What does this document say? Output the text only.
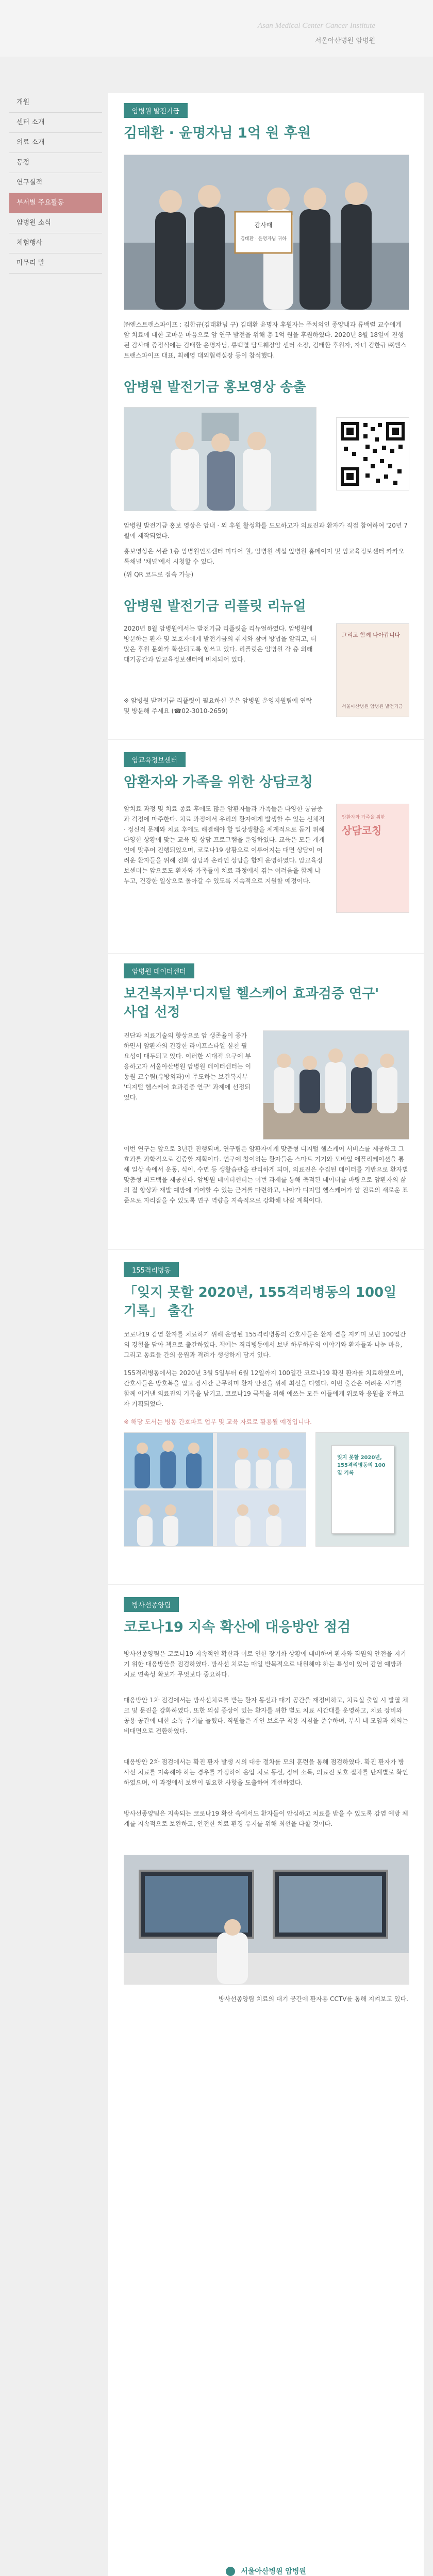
Asan Medical Center Cancer Institute
서울아산병원 암병원
개원
센터 소개
의료 소개
동정
연구실적
부서별 주요활동
암병원 소식
체험행사
마무리 말
암병원 발전기금
김태환 · 윤명자님 1억 원 후원
감사패
김태환 · 윤명자님 귀하

㈜엔스트랜스파이프 : 김한규(김태환님 구) 김태환 윤명자 후원자는 주치의인 종양내과 류백렬 교수에게 암 치료에 대한 고마운 마음으로 암 연구 발전을 위해 총 1억 원을 후원하였다. 2020년 8월 18일에 진행된 감사패 증정식에는 김태환 윤명자님, 류백렬 담도췌장암 센터 소장, 김태환 후원자, 자녀 김한규 ㈜엔스트랜스파이프 대표, 최혜영 대외협력실장 등이 참석했다.

암병원 발전기금 홍보영상 송출

암병원 발전기금 홍보 영상은 암내 · 외 후원 활성화를 도모하고자 의료진과 환자가 직접 참여하여 '20년 7월에 제작되었다.

홍보영상은 서관 1층 암병원인포센터 미디어 월, 암병원 색설 앞병원 홈페이지 및 암교육정보센터 카카오톡채널 '채널'에서 시청할 수 있다.

(위 QR 코드로 접속 가능)

암병원 발전기금 리플릿 리뉴얼

2020년 8월 암병원에서는 발전기금 리플릿을 리뉴얼하였다. 암병원에 방문하는 환자 및 보호자에게 발전기금의 취지와 참여 방법을 알리고, 더 많은 후원 문화가 확산되도록 힘쓰고 있다. 리플릿은 암병원 각 층 외래 대기공간과 암교육정보센터에 비치되어 있다.

그리고 함께 나아갑니다
서울아산병원 암병원 발전기금

※ 암병원 발전기금 리플릿이 필요하신 분은 암병원 운영지원팀에 연락 및 방문해 주세요 (☎02-3010-2659)

암교육정보센터
암환자와 가족을 위한 상담코칭

암치료 과정 및 치료 종료 후에도 많은 암환자들과 가족들은 다양한 궁금증과 걱정에 마주한다. 치료 과정에서 우리의 환자에게 발생할 수 있는 신체적 · 정신적 문제와 치료 후에도 해결해야 할 일상생활을 체계적으로 돕기 위해 다양한 상황에 맞는 교육 및 상담 프로그램을 운영하였다. 교육은 모든 개개인에 맞추어 진행되었으며, 코로나19 상황으로 이루어지는 대면 상담이 어려운 환자들을 위해 전화 상담과 온라인 상담을 함께 운영하였다. 암교육정보센터는 앞으로도 환자와 가족들이 치료 과정에서 겪는 어려움을 함께 나누고, 건강한 일상으로 돌아갈 수 있도록 지속적으로 지원할 예정이다.

암환자와 가족을 위한
상담코칭
암병원 데이터센터
보건복지부'디지털 헬스케어 효과검증 연구'
사업 선정

진단과 치료기술의 향상으로 암 생존율이 증가하면서 암환자의 건강한 라이프스타일 실천 필요성이 대두되고 있다. 이러한 시대적 요구에 부응하고자 서울아산병원 암병원 데이터센터는 이동원 교수팀(유방외과)이 주도하는 보건복지부 '디지털 헬스케어 효과검증 연구' 과제에 선정되었다.

이번 연구는 앞으로 3년간 진행되며, 연구팀은 암환자에게 맞춤형 디지털 헬스케어 서비스를 제공하고 그 효과를 과학적으로 검증할 계획이다. 연구에 참여하는 환자들은 스마트 기기와 모바일 애플리케이션을 통해 일상 속에서 운동, 식이, 수면 등 생활습관을 관리하게 되며, 의료진은 수집된 데이터를 기반으로 환자별 맞춤형 피드백을 제공한다. 암병원 데이터센터는 이번 과제를 통해 축적된 데이터를 바탕으로 암환자의 삶의 질 향상과 재발 예방에 기여할 수 있는 근거를 마련하고, 나아가 디지털 헬스케어가 암 진료의 새로운 표준으로 자리잡을 수 있도록 연구 역량을 지속적으로 강화해 나갈 계획이다.

155격리병동
「잊지 못할 2020년, 155격리병동의 100일
기록」 출간

코로나19 감염 환자를 치료하기 위해 운영된 155격리병동의 간호사들은 환자 곁을 지키며 보낸 100일간의 경험을 담아 책으로 출간하였다. 책에는 격리병동에서 보낸 하루하루의 이야기와 환자들과 나눈 마음, 그리고 동료들 간의 응원과 격려가 생생하게 담겨 있다.

155격리병동에서는 2020년 3월 5일부터 6월 12일까지 100일간 코로나19 확진 환자를 치료하였으며, 간호사들은 방호복을 입고 장시간 근무하며 환자 안전을 위해 최선을 다했다. 이번 출간은 어려운 시기를 함께 이겨낸 의료진의 기록을 남기고, 코로나19 극복을 위해 애쓰는 모든 이들에게 위로와 응원을 전하고자 기획되었다.

※ 해당 도서는 병동 간호파트 업무 및 교육 자료로 활용될 예정입니다.

잊지 못할 2020년, 155격리병동의 100일 기록
방사선종양팀
코로나19 지속 확산에 대응방안 점검

방사선종양팀은 코로나19 지속적인 확산과 이로 인한 장기화 상황에 대비하여 환자와 직원의 안전을 지키기 위한 대응방안을 점검하였다. 방사선 치료는 매일 반복적으로 내원해야 하는 특성이 있어 감염 예방과 치료 연속성 확보가 무엇보다 중요하다.

대응방안 1차 점검에서는 방사선치료를 받는 환자 동선과 대기 공간을 재정비하고, 치료실 출입 시 발열 체크 및 문진을 강화하였다. 또한 의심 증상이 있는 환자를 위한 별도 치료 시간대를 운영하고, 치료 장비와 공용 공간에 대한 소독 주기를 늘렸다. 직원들은 개인 보호구 착용 지침을 준수하며, 부서 내 모임과 회의는 비대면으로 전환하였다.

대응방안 2차 점검에서는 확진 환자 발생 시의 대응 절차를 모의 훈련을 통해 점검하였다. 확진 환자가 방사선 치료를 지속해야 하는 경우를 가정하여 음압 치료 동선, 장비 소독, 의료진 보호 절차를 단계별로 확인하였으며, 이 과정에서 보완이 필요한 사항을 도출하여 개선하였다.

방사선종양팀은 지속되는 코로나19 확산 속에서도 환자들이 안심하고 치료를 받을 수 있도록 감염 예방 체계를 지속적으로 보완하고, 안전한 치료 환경 유지를 위해 최선을 다할 것이다.

방사선종양팀 치료의 대기 공간에 환자용 CCTV를 통해 지켜보고 있다.

서울아산병원 암병원
